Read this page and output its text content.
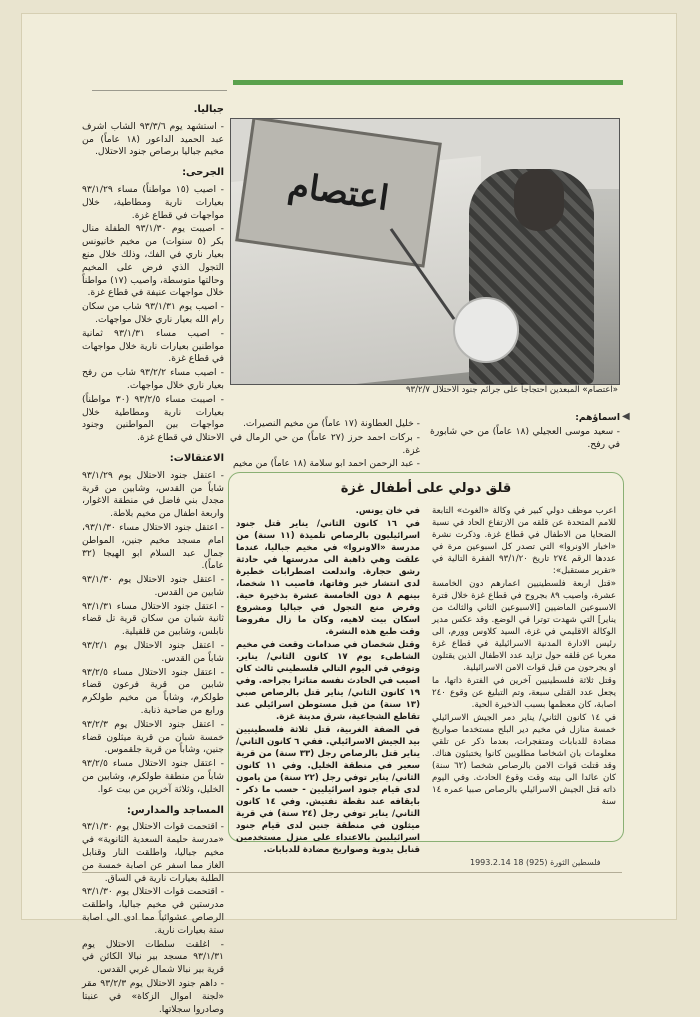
اعتصام
«اعتصام» المبعدين احتجاجاً على جرائم جنود الاحتلال ٩٣/٢/٧
جباليا.

- استشهد يوم ٩٣/٣/٦ الشاب اشرف عبد الحميد الداعور (١٨ عاماً) من مخيم جباليا برصاص جنود الاحتلال.

الجرحى:

- اصيب (١٥ مواطناً) مساء ٩٣/١/٢٩ بعيارات نارية ومطاطية، خلال مواجهات في قطاع غزة.

- اصيبت يوم ٩٣/١/٣٠ الطفلة منال بكر (٥ سنوات) من مخيم خانيونس بعيار ناري في الفك، وذلك خلال منع التجول الذي فرض على المخيم وحالتها متوسطة، واصيب (١٧) مواطناً خلال مواجهات عنيفة في قطاع غزة.

- اصيب يوم ٩٣/١/٣١ شاب من سكان رام الله بعيار ناري خلال مواجهات.

- اصيب مساء ٩٣/١/٣١ ثمانية مواطنين بعيارات نارية خلال مواجهات في قطاع غزة.

- اصيب مساء ٩٣/٢/٢ شاب من رفح بعيار ناري خلال مواجهات.

- اصيبت مساء ٩٣/٢/٥ (٣٠ مواطناً) بعيارات نارية ومطاطية خلال مواجهات بين المواطنين وجنود الاحتلال في قطاع غزة.

الاعتقالات:

- اعتقل جنود الاحتلال يوم ٩٣/١/٢٩ شاباً من القدس، وشابين من قرية مجدل بني فاضل في منطقة الاغوار، واربعة اطفال من مخيم بلاطة.

- اعتقل جنود الاحتلال مساء ٩٣/١/٣٠، امام مسجد مخيم جنين، المواطن جمال عبد السلام ابو الهيجا (٣٢ عاماً).

- اعتقل جنود الاحتلال يوم ٩٣/١/٣٠ شابين من القدس.

- اعتقل جنود الاحتلال مساء ٩٣/١/٣١ ثانية شبان من سكان قرية تل قضاء نابلس، وشابين من قلقيلية.

- اعتقل جنود الاحتلال يوم ٩٣/٢/١ شاباً من القدس.

- اعتقل جنود الاحتلال مساء ٩٣/٢/٥ شابين من قرية فرعون قضاء طولكرم، وشاباً من مخيم طولكرم ورابع من ضاحية ذنابة.

- اعتقل جنود الاحتلال يوم ٩٣/٢/٣ خمسة شبان من قرية ميثلون قضاء جنين، وشاباً من قرية جلقموس.

- اعتقل جنود الاحتلال مساء ٩٣/٢/٥ شاباً من منطقة طولكرم، وشابين من الخليل، وثلاثة آخرين من بيت عوا.

المساجد والمدارس:

- اقتحمت قوات الاحتلال يوم ٩٣/١/٣٠ «مدرسة حليمة السعدية الثانوية» في مخيم جباليا، واطلقت النار وقنابل الغاز مما اسفر عن اصابة خمسة من الطلبة بعيارات نارية في الساق.

- اقتحمت قوات الاحتلال يوم ٩٣/١/٣٠ مدرستين في مخيم جباليا، واطلقت الرصاص عشوائياً مما ادى الى اصابة ستة بعيارات نارية.

- اغلقت سلطات الاحتلال يوم ٩٣/١/٣١ مسجد بير نبالا الكائن في قرية بير نبالا شمال غربي القدس.

- داهم جنود الاحتلال يوم ٩٣/٢/٣ مقر «لجنة اموال الزكاة» في عنبتا وصادروا سجلاتها.

◀

اسماؤهم:

- سعيد موسى العجيلي (١٨ عاماً) من حي شابورة في رفح.

- خليل العطاونة (١٧ عاماً) من مخيم النصيرات.

- بركات احمد حرز (٢٧ عاماً) من حي الرمال في غزة.

- عبد الرحمن احمد ابو سلامة (١٨ عاماً) من مخيم

قلق دولي على أطفال غزة

اعرب موظف دولي كبير في وكالة «الغوث» التابعة للامم المتحدة عن قلقه من الارتفاع الحاد في نسبة الضحايا من الاطفال في قطاع غزة. وذكرت نشرة «اخبار الاونروا» التي تصدر كل اسبوعين مرة في عددها الرقم ٢٧٤ تاريخ ٩٣/١/٢٠ الفقرة التالية في «تقرير مستقبل»:

«قتل اربعة فلسطينيين اعمارهم دون الخامسة عشرة، واصيب ٨٩ بجروح في قطاع غزة خلال فترة الاسبوعين الماضيين [الاسبوعين الثاني والثالث من يناير] التي شهدت توترا في الوضع. وقد عكس مدير الوكالة الاقليمي في غزة، السيد كلاوس وورم، الى رئيس الادارة المدنية الاسرائيلية في قطاع غزة معربا عن قلقه حول تزايد عدد الاطفال الذين يقتلون او يجرحون من قبل قوات الامن الاسرائيلية.

وقتل ثلاثة فلسطينيين آخرين في الفترة ذاتها، ما يجعل عدد القتلى سبعة، وتم التبليغ عن وقوع ٢٤٠ اصابة، كان معظمها بسبب الذخيرة الحية.

في ١٤ كانون الثاني/ يناير دمر الجيش الاسرائيلي خمسة منازل في مخيم دير البلح مستخدما صواريخ مضادة للدبابات ومتفجرات، بعدما ذكر عن تلقي معلومات بان اشخاصا مطلوبين كانوا يختبئون هناك. وقد قتلت قوات الامن بالرصاص شخصا (٦٢ سنة) كان عائدا الى بيته وقت وقوع الحادث. وفي اليوم ذاته قتل الجيش الاسرائيلي بالرصاص صبيا عمره ١٤ سنة

في خان يونس.

في ١٦ كانون الثاني/ يناير قتل جنود اسرائيليون بالرصاص تلميذة (١١ سنة) من مدرسة «الاونروا» في مخيم جباليا، عندما علقت وهي ذاهبة الى مدرستها في حادثة رشق حجارة. واندلعت اضطرابات خطيرة لدى انتشار خبر وفاتها، فاصيب ١١ شخصا، بينهم ٨ دون الخامسة عشرة بذخيرة حية. وفرض منع التجول في جباليا ومشروع اسكان بيت لاهيه، وكان ما زال مفروضا وقت طبع هذه النشرة.

وقتل شخصان في صدامات وقعت في مخيم الشاطىء يوم ١٧ كانون الثاني/ يناير. وتوفي في اليوم التالي فلسطيني ثالث كان اصيب في الحادث نفسه متاثرا بجراحه. وفي ١٩ كانون الثاني/ يناير قتل بالرصاص صبي (١٣ سنة) من قبل مستوطن اسرائيلي عند تقاطع الشجاعية، شرق مدينة غزة.

في الضفة الغربية، قتل ثلاثة فلسطينيين بيد الجيش الاسرائيلي. ففي ٦ كانون الثاني/ يناير قتل بالرصاص رجل (٣٣ سنة) من قرية سعير في منطقة الخليل. وفي ١١ كانون الثاني/ يناير توفي رجل (٢٢ سنة) من يامون لدى قيام جنود اسرائيليين - حسب ما ذكر - بايقافه عند نقطة تفتيش. وفي ١٤ كانون الثاني/ يناير توفي رجل (٢٤ سنة) في قرية ميثلون في منطقة جنين لدى قيام جنود اسرائيليين بالاعتداء على منزل مستخدمين قنابل يدوية وصواريخ مضادة للدبابات.

1993.2.14 فلسطين الثورة (925) 18
